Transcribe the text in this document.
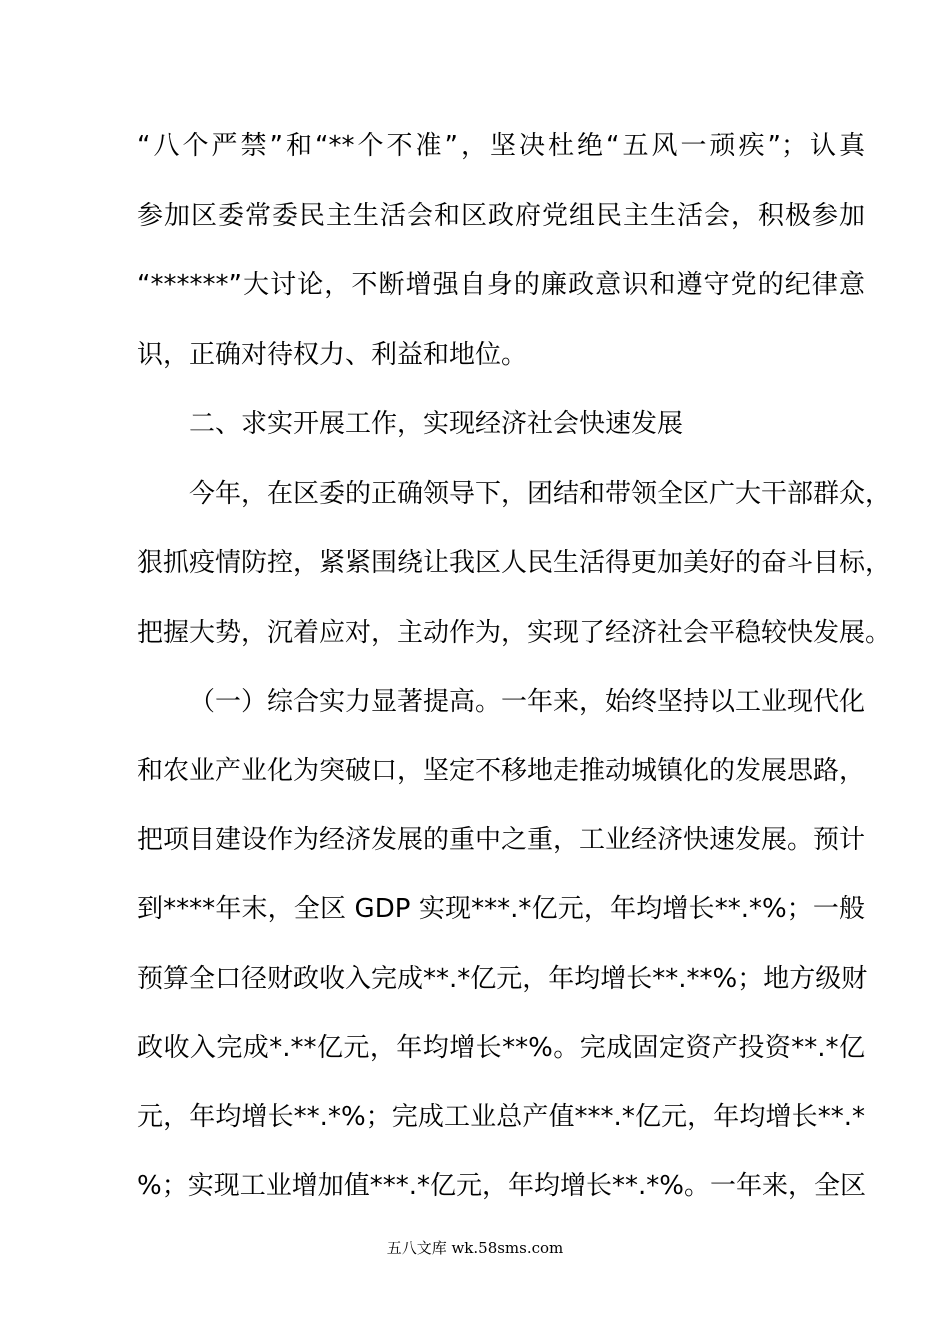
“八个严禁”和“**个不准”，坚决杜绝“五风一顽疾”；认真
参加区委常委民主生活会和区政府党组民主生活会，积极参加
“******”大讨论，不断增强自身的廉政意识和遵守党的纪律意
识，正确对待权力、利益和地位。
二、求实开展工作，实现经济社会快速发展
今年，在区委的正确领导下，团结和带领全区广大干部群众，
狠抓疫情防控，紧紧围绕让我区人民生活得更加美好的奋斗目标，
把握大势，沉着应对，主动作为，实现了经济社会平稳较快发展。
（一）综合实力显著提高。一年来，始终坚持以工业现代化
和农业产业化为突破口，坚定不移地走推动城镇化的发展思路，
把项目建设作为经济发展的重中之重，工业经济快速发展。预计
到****年末，全区 GDP 实现***.*亿元，年均增长**.*%；一般
预算全口径财政收入完成**.*亿元，年均增长**.**%；地方级财
政收入完成*.**亿元，年均增长**%。完成固定资产投资**.*亿
元，年均增长**.*%；完成工业总产值***.*亿元，年均增长**.*
%；实现工业增加值***.*亿元，年均增长**.*%。一年来，全区
五八文库 wk.58sms.com
